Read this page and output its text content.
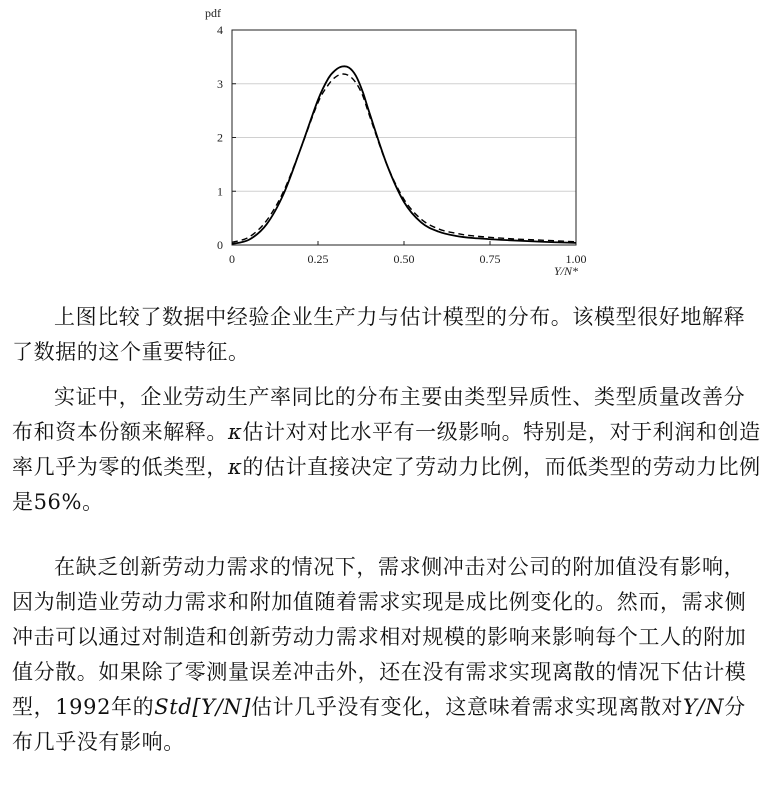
0
1
2
3
4
0	0.25	0.50	0.75	1.00
pdf
Y/N*

上图比较了数据中经验企业生产力与估计模型的分布。该模型很好地解释了数据的这个重要特征。

实证中，企业劳动生产率同比的分布主要由类型异质性、类型质量改善分布和资本份额来解释。κ估计对对比水平有一级影响。特别是，对于利润和创造率几乎为零的低类型，κ的估计直接决定了劳动力比例，而低类型的劳动力比例是56%。

在缺乏创新劳动力需求的情况下，需求侧冲击对公司的附加值没有影响，因为制造业劳动力需求和附加值随着需求实现是成比例变化的。然而，需求侧冲击可以通过对制造和创新劳动力需求相对规模的影响来影响每个工人的附加值分散。如果除了零测量误差冲击外，还在没有需求实现离散的情况下估计模型，1992年的Std[Y/N]估计几乎没有变化，这意味着需求实现离散对Y/N分布几乎没有影响。
